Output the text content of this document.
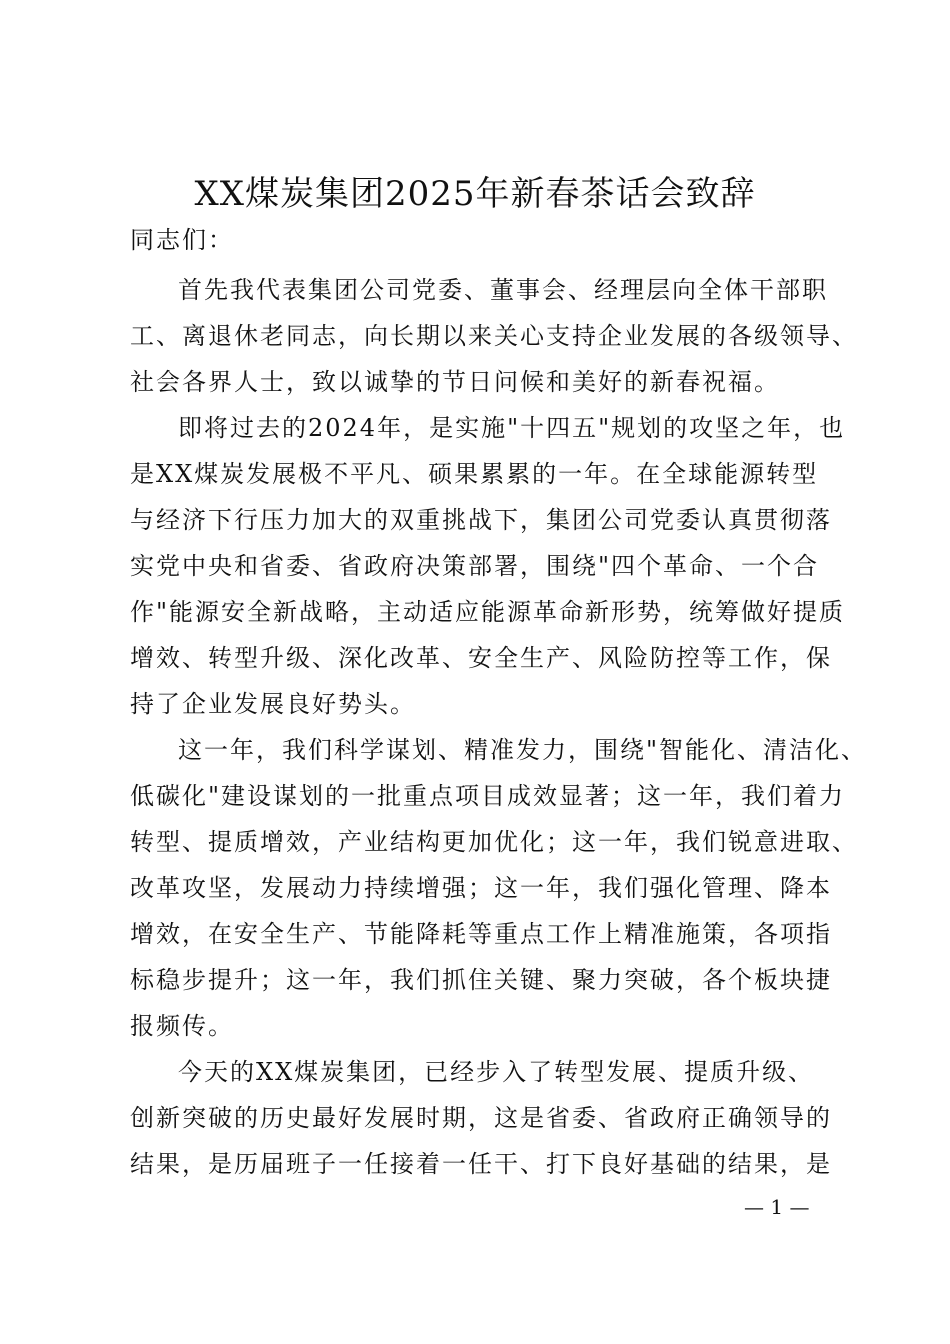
XX煤炭集团2025年新春茶话会致辞
同志们：
首先我代表集团公司党委、董事会、经理层向全体干部职
工、离退休老同志，向长期以来关心支持企业发展的各级领导、
社会各界人士，致以诚挚的节日问候和美好的新春祝福。
即将过去的2024年，是实施"十四五"规划的攻坚之年，也
是XX煤炭发展极不平凡、硕果累累的一年。在全球能源转型
与经济下行压力加大的双重挑战下，集团公司党委认真贯彻落
实党中央和省委、省政府决策部署，围绕"四个革命、一个合
作"能源安全新战略，主动适应能源革命新形势，统筹做好提质
增效、转型升级、深化改革、安全生产、风险防控等工作，保
持了企业发展良好势头。
这一年，我们科学谋划、精准发力，围绕"智能化、清洁化、
低碳化"建设谋划的一批重点项目成效显著；这一年，我们着力
转型、提质增效，产业结构更加优化；这一年，我们锐意进取、
改革攻坚，发展动力持续增强；这一年，我们强化管理、降本
增效，在安全生产、节能降耗等重点工作上精准施策，各项指
标稳步提升；这一年，我们抓住关键、聚力突破，各个板块捷
报频传。
今天的XX煤炭集团，已经步入了转型发展、提质升级、
创新突破的历史最好发展时期，这是省委、省政府正确领导的
结果，是历届班子一任接着一任干、打下良好基础的结果，是
— 1 —
